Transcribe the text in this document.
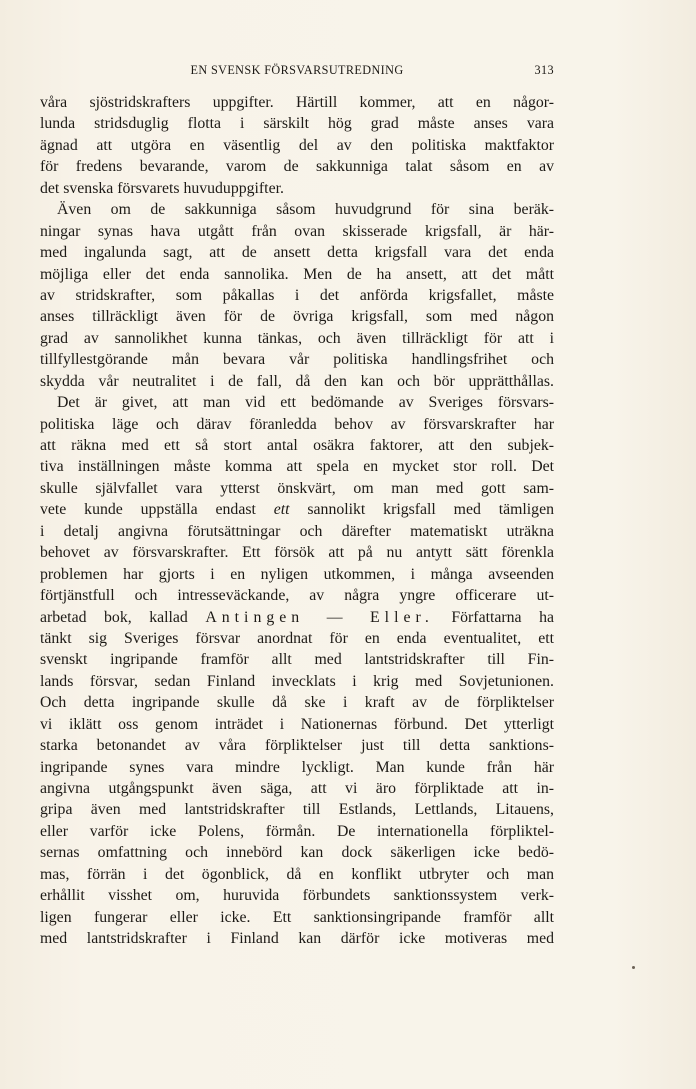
EN SVENSK FÖRSVARSUTREDNING	313
våra sjöstridskrafters uppgifter. Härtill kommer, att en någor-
lunda stridsduglig flotta i särskilt hög grad måste anses vara
ägnad att utgöra en väsentlig del av den politiska maktfaktor
för fredens bevarande, varom de sakkunniga talat såsom en av
det svenska försvarets huvuduppgifter.
Även om de sakkunniga såsom huvudgrund för sina beräk-
ningar synas hava utgått från ovan skisserade krigsfall, är här-
med ingalunda sagt, att de ansett detta krigsfall vara det enda
möjliga eller det enda sannolika. Men de ha ansett, att det mått
av stridskrafter, som påkallas i det anförda krigsfallet, måste
anses tillräckligt även för de övriga krigsfall, som med någon
grad av sannolikhet kunna tänkas, och även tillräckligt för att i
tillfyllestgörande mån bevara vår politiska handlingsfrihet och
skydda vår neutralitet i de fall, då den kan och bör upprätthållas.
Det är givet, att man vid ett bedömande av Sveriges försvars-
politiska läge och därav föranledda behov av försvarskrafter har
att räkna med ett så stort antal osäkra faktorer, att den subjek-
tiva inställningen måste komma att spela en mycket stor roll. Det
skulle självfallet vara ytterst önskvärt, om man med gott sam-
vete kunde uppställa endast ett sannolikt krigsfall med tämligen
i detalj angivna förutsättningar och därefter matematiskt uträkna
behovet av försvarskrafter. Ett försök att på nu antytt sätt förenkla
problemen har gjorts i en nyligen utkommen, i många avseenden
förtjänstfull och intresseväckande, av några yngre officerare ut-
arbetad bok, kallad Antingen — Eller. Författarna ha
tänkt sig Sveriges försvar anordnat för en enda eventualitet, ett
svenskt ingripande framför allt med lantstridskrafter till Fin-
lands försvar, sedan Finland invecklats i krig med Sovjetunionen.
Och detta ingripande skulle då ske i kraft av de förpliktelser
vi iklätt oss genom inträdet i Nationernas förbund. Det ytterligt
starka betonandet av våra förpliktelser just till detta sanktions-
ingripande synes vara mindre lyckligt. Man kunde från här
angivna utgångspunkt även säga, att vi äro förpliktade att in-
gripa även med lantstridskrafter till Estlands, Lettlands, Litauens,
eller varför icke Polens, förmån. De internationella förpliktel-
sernas omfattning och innebörd kan dock säkerligen icke bedö-
mas, förrän i det ögonblick, då en konflikt utbryter och man
erhållit visshet om, huruvida förbundets sanktionssystem verk-
ligen fungerar eller icke. Ett sanktionsingripande framför allt
med lantstridskrafter i Finland kan därför icke motiveras med
